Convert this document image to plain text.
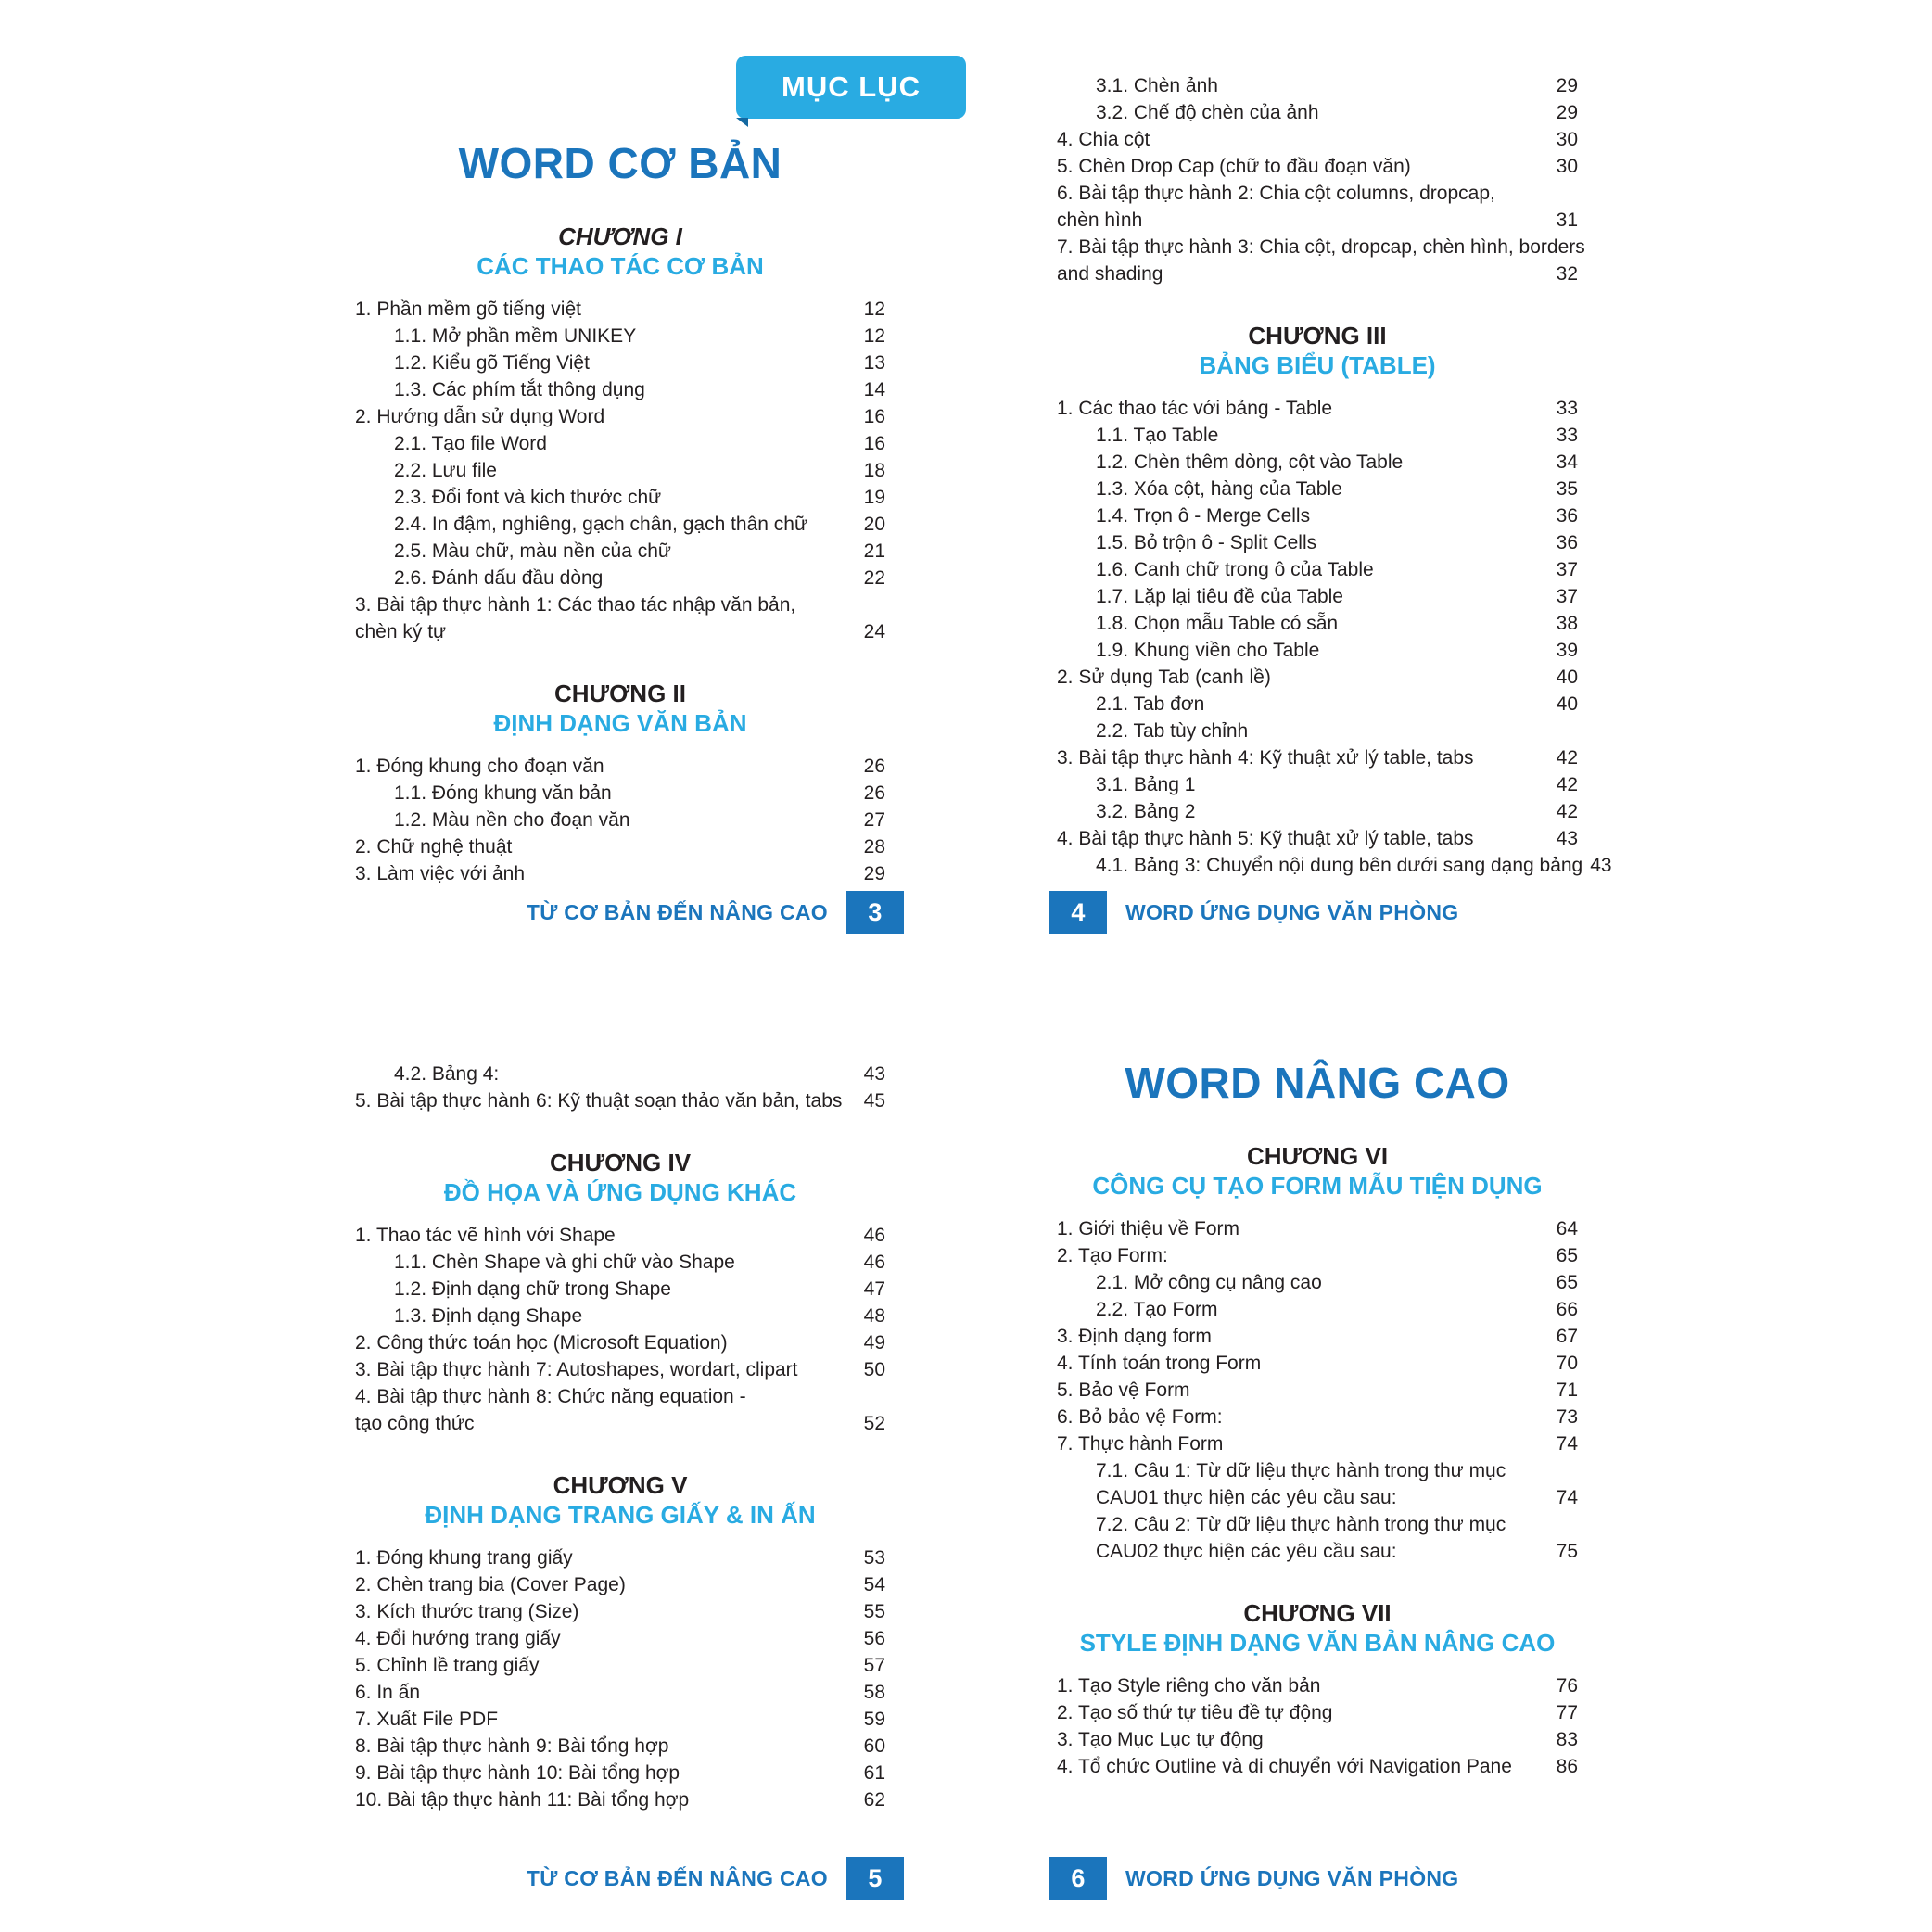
MỤC LỤC
WORD CƠ BẢN
CHƯƠNG I
CÁC THAO TÁC CƠ BẢN
1. Phần mềm gõ tiếng việt	12
1.1. Mở phần mềm UNIKEY	12
1.2. Kiểu gõ Tiếng Việt	13
1.3. Các phím tắt thông dụng	14
2. Hướng dẫn sử dụng Word	16
2.1. Tạo file Word	16
2.2. Lưu file	18
2.3. Đổi font và kich thước chữ	19
2.4. In đậm, nghiêng, gạch chân, gạch thân chữ	20
2.5. Màu chữ, màu nền của chữ	21
2.6. Đánh dấu đầu dòng	22
3. Bài tập thực hành 1: Các thao tác nhập văn bản,
chèn ký tự	24
CHƯƠNG II
ĐỊNH DẠNG VĂN BẢN
1. Đóng khung cho đoạn văn	26
1.1. Đóng khung văn bản	26
1.2. Màu nền cho đoạn văn	27
2. Chữ nghệ thuật	28
3. Làm việc với ảnh	29
TỪ CƠ BẢN ĐẾN NÂNG CAO	3
3.1. Chèn ảnh	29
3.2. Chế độ chèn của ảnh	29
4. Chia cột	30
5. Chèn Drop Cap (chữ to đầu đoạn văn)	30
6. Bài tập thực hành 2: Chia cột columns, dropcap,
chèn hình	31
7. Bài tập thực hành 3: Chia cột, dropcap, chèn hình, borders
and shading	32
CHƯƠNG III
BẢNG BIỂU (TABLE)
1. Các thao tác với bảng - Table	33
1.1. Tạo Table	33
1.2. Chèn thêm dòng, cột vào Table	34
1.3. Xóa cột, hàng của Table	35
1.4. Trọn ô - Merge Cells	36
1.5. Bỏ trộn ô - Split Cells	36
1.6. Canh chữ trong ô của Table	37
1.7. Lặp lại tiêu đề của Table	37
1.8. Chọn mẫu Table có sẵn	38
1.9. Khung viền cho Table	39
2. Sử dụng Tab (canh lề)	40
2.1. Tab đơn	40
2.2. Tab tùy chỉnh
3. Bài tập thực hành 4: Kỹ thuật xử lý table, tabs	42
3.1. Bảng 1	42
3.2. Bảng 2	42
4. Bài tập thực hành 5: Kỹ thuật xử lý table, tabs	43
4.1. Bảng 3: Chuyển nội dung bên dưới sang dạng bảng 43
4	WORD ỨNG DỤNG VĂN PHÒNG
4.2. Bảng 4:	43
5. Bài tập thực hành 6: Kỹ thuật soạn thảo văn bản, tabs	45
CHƯƠNG IV
ĐỒ HỌA VÀ ỨNG DỤNG KHÁC
1. Thao tác vẽ hình với Shape	46
1.1. Chèn Shape và ghi chữ vào Shape	46
1.2. Định dạng chữ trong Shape	47
1.3. Định dạng Shape	48
2. Công thức toán học (Microsoft Equation)	49
3. Bài tập thực hành 7: Autoshapes, wordart, clipart	50
4. Bài tập thực hành 8: Chức năng equation -
tạo công thức	52
CHƯƠNG V
ĐỊNH DẠNG TRANG GIẤY & IN ẤN
1. Đóng khung trang giấy	53
2. Chèn trang bia (Cover Page)	54
3. Kích thước trang (Size)	55
4. Đổi hướng trang giấy	56
5. Chỉnh lề trang giấy	57
6. In ấn	58
7. Xuất File PDF	59
8. Bài tập thực hành 9: Bài tổng hợp	60
9. Bài tập thực hành 10: Bài tổng hợp	61
10. Bài tập thực hành 11: Bài tổng hợp	62
TỪ CƠ BẢN ĐẾN NÂNG CAO	5
WORD NÂNG CAO
CHƯƠNG VI
CÔNG CỤ TẠO FORM MẪU TIỆN DỤNG
1. Giới thiệu về Form	64
2. Tạo Form:	65
2.1. Mở công cụ nâng cao	65
2.2. Tạo Form	66
3. Định dạng form	67
4. Tính toán trong Form	70
5. Bảo vệ Form	71
6. Bỏ bảo vệ Form:	73
7. Thực hành Form	74
7.1. Câu 1: Từ dữ liệu thực hành trong thư mục
CAU01 thực hiện các yêu cầu sau:	74
7.2. Câu 2: Từ dữ liệu thực hành trong thư mục
CAU02 thực hiện các yêu cầu sau:	75
CHƯƠNG VII
STYLE ĐỊNH DẠNG VĂN BẢN NÂNG CAO
1. Tạo Style riêng cho văn bản	76
2. Tạo số thứ tự tiêu đề tự động	77
3. Tạo Mục Lục tự động	83
4. Tổ chức Outline và di chuyển với Navigation Pane	86
6	WORD ỨNG DỤNG VĂN PHÒNG
